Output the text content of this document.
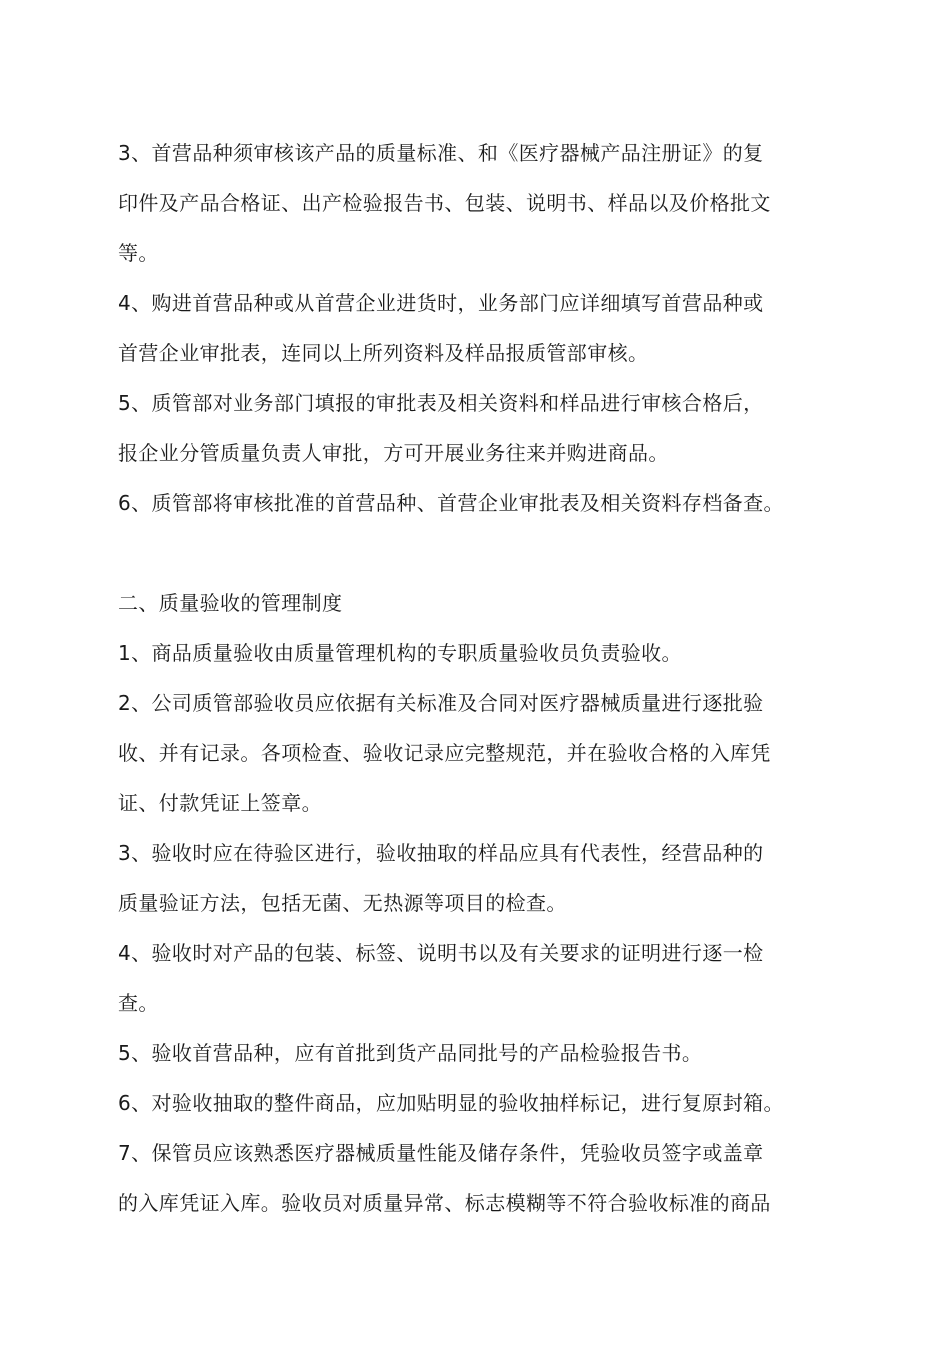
3、首营品种须审核该产品的质量标准、和《医疗器械产品注册证》的复
印件及产品合格证、出产检验报告书、包装、说明书、样品以及价格批文
等。
4、购进首营品种或从首营企业进货时，业务部门应详细填写首营品种或
首营企业审批表，连同以上所列资料及样品报质管部审核。
5、质管部对业务部门填报的审批表及相关资料和样品进行审核合格后，
报企业分管质量负责人审批，方可开展业务往来并购进商品。
6、质管部将审核批准的首营品种、首营企业审批表及相关资料存档备查。
二、质量验收的管理制度
1、商品质量验收由质量管理机构的专职质量验收员负责验收。
2、公司质管部验收员应依据有关标准及合同对医疗器械质量进行逐批验
收、并有记录。各项检查、验收记录应完整规范，并在验收合格的入库凭
证、付款凭证上签章。
3、验收时应在待验区进行，验收抽取的样品应具有代表性，经营品种的
质量验证方法，包括无菌、无热源等项目的检查。
4、验收时对产品的包装、标签、说明书以及有关要求的证明进行逐一检
查。
5、验收首营品种，应有首批到货产品同批号的产品检验报告书。
6、对验收抽取的整件商品，应加贴明显的验收抽样标记，进行复原封箱。
7、保管员应该熟悉医疗器械质量性能及储存条件，凭验收员签字或盖章
的入库凭证入库。验收员对质量异常、标志模糊等不符合验收标准的商品
